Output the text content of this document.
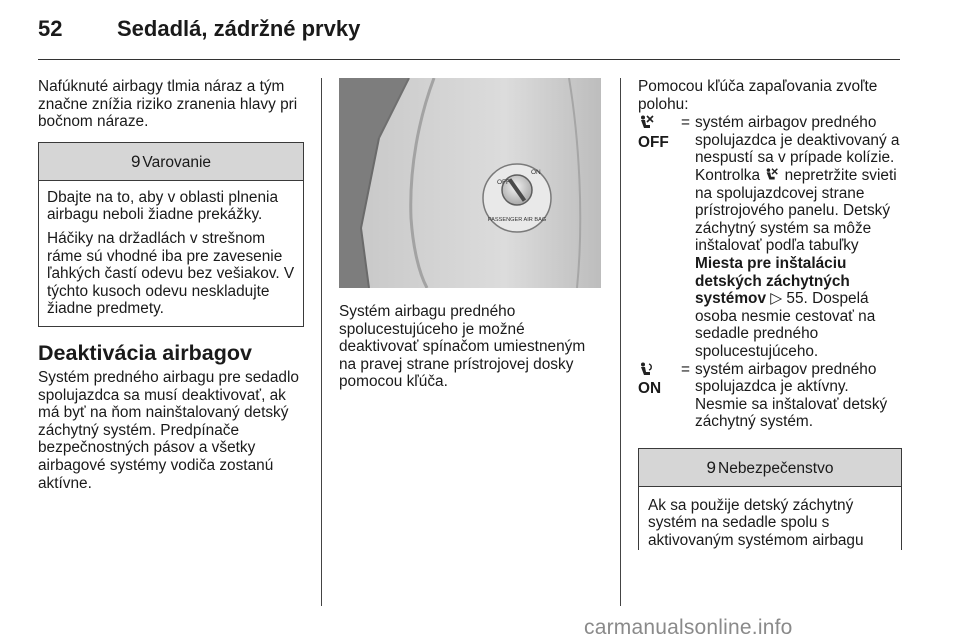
52 Sedadlá, zádržné prvky

Nafúknuté airbagy tlmia náraz a tým značne znížia riziko zranenia hlavy pri bočnom náraze.

9 Varovanie

Dbajte na to, aby v oblasti plnenia airbagu neboli žiadne prekážky.

Háčiky na držadlách v strešnom ráme sú vhodné iba pre zavesenie ľahkých častí odevu bez vešiakov. V týchto kusoch odevu neskladujte žiadne predmety.

Deaktivácia airbagov

Systém predného airbagu pre sedadlo spolujazdca sa musí deaktivovať, ak má byť na ňom nainštalovaný detský záchytný systém. Predpínače bezpečnostných pásov a všetky airbagové systémy vodiča zostanú aktívne.

OFF
ON
PASSENGER AIR BAG

Systém airbagu predného spolucestujúceho je možné deaktivovať spínačom umiestneným na pravej strane prístrojovej dosky pomocou kľúča.

Pomocou kľúča zapaľovania zvoľte polohu:

OFF
= systém airbagov predného spolujazdca je deaktivovaný a nespustí sa v prípade kolízie. Kontrolka nepretržite svieti na spolujazdcovej strane prístrojového panelu. Detský záchytný systém sa môže inštalovať podľa tabuľky Miesta pre inštaláciu detských záchytných systémov ▷ 55. Dospelá osoba nesmie cestovať na sedadle predného spolucestujúceho.
ON
= systém airbagov predného spolujazdca je aktívny. Nesmie sa inštalovať detský záchytný systém.
9 Nebezpečenstvo

Ak sa použije detský záchytný systém na sedadle spolu s aktivovaným systémom airbagu

carmanualsonline.info
